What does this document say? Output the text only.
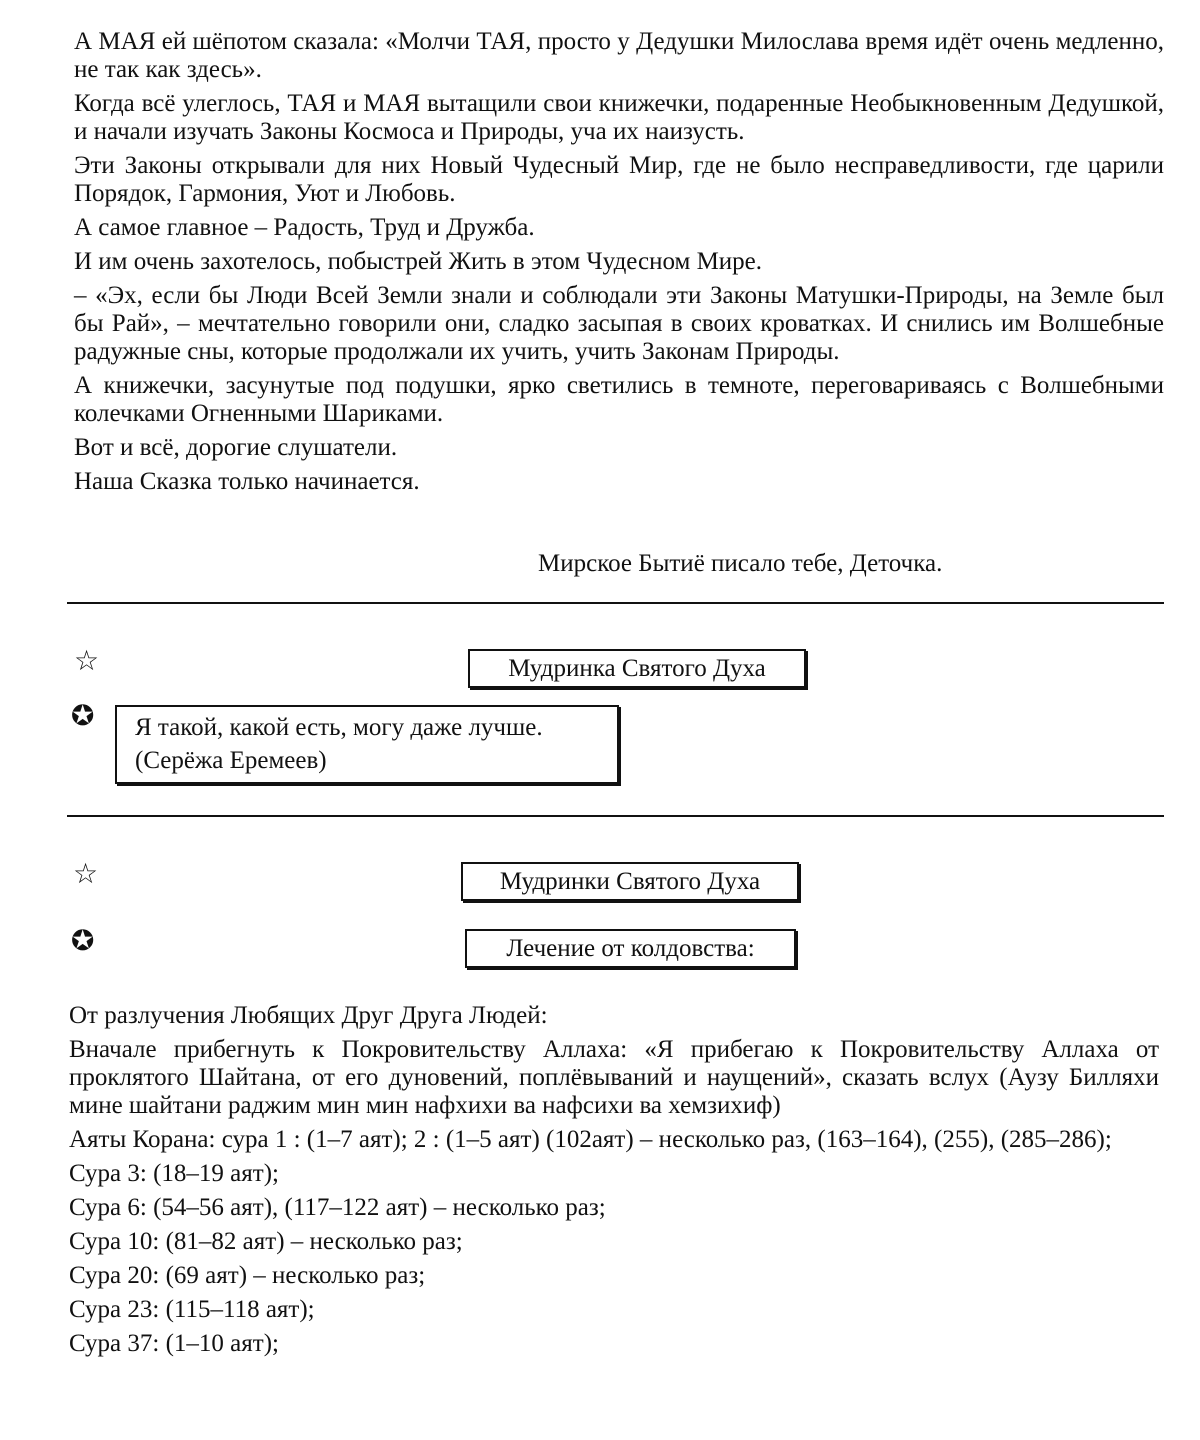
А МАЯ ей шёпотом сказала: «Молчи ТАЯ, просто у Дедушки Милослава время идёт очень медленно, не так как здесь».

Когда всё улеглось, ТАЯ и МАЯ вытащили свои книжечки, подаренные Необыкновенным Дедушкой, и начали изучать Законы Космоса и Природы, уча их наизусть.

Эти Законы открывали для них Новый Чудесный Мир, где не было несправедливости, где царили Порядок, Гармония, Уют и Любовь.

А самое главное – Радость, Труд и Дружба.

И им очень захотелось, побыстрей Жить в этом Чудесном Мире.

– «Эх, если бы Люди Всей Земли знали и соблюдали эти Законы Матушки-Природы, на Земле был бы Рай», – мечтательно говорили они, сладко засыпая в своих кроватках. И снились им Волшебные радужные сны, которые продолжали их учить, учить Законам Природы.

А книжечки, засунутые под подушки, ярко светились в темноте, переговариваясь с Волшебными колечками Огненными Шариками.

Вот и всё, дорогие слушатели.

Наша Сказка только начинается.

Мирское Бытиё писало тебе, Деточка.
☆	Мудринка Святого Духа
✪ Я такой, какой есть, могу даже лучше.
(Серёжа Еремеев)
☆	Мудринки Святого Духа
✪	Лечение от колдовства:

От разлучения Любящих Друг Друга Людей:

Вначале прибегнуть к Покровительству Аллаха: «Я прибегаю к Покровительству Аллаха от проклятого Шайтана, от его дуновений, поплёвываний и наущений», сказать вслух (Аузу Билляхи мине шайтани раджим мин мин нафхихи ва нафсихи ва хемзихиф)

Аяты Корана: сура 1 : (1–7 аят); 2 : (1–5 аят) (102аят) – несколько раз, (163–164), (255), (285–286);

Сура 3: (18–19 аят);

Сура 6: (54–56 аят), (117–122 аят) – несколько раз;

Сура 10: (81–82 аят) – несколько раз;

Сура 20: (69 аят) – несколько раз;

Сура 23: (115–118 аят);

Сура 37: (1–10 аят);
